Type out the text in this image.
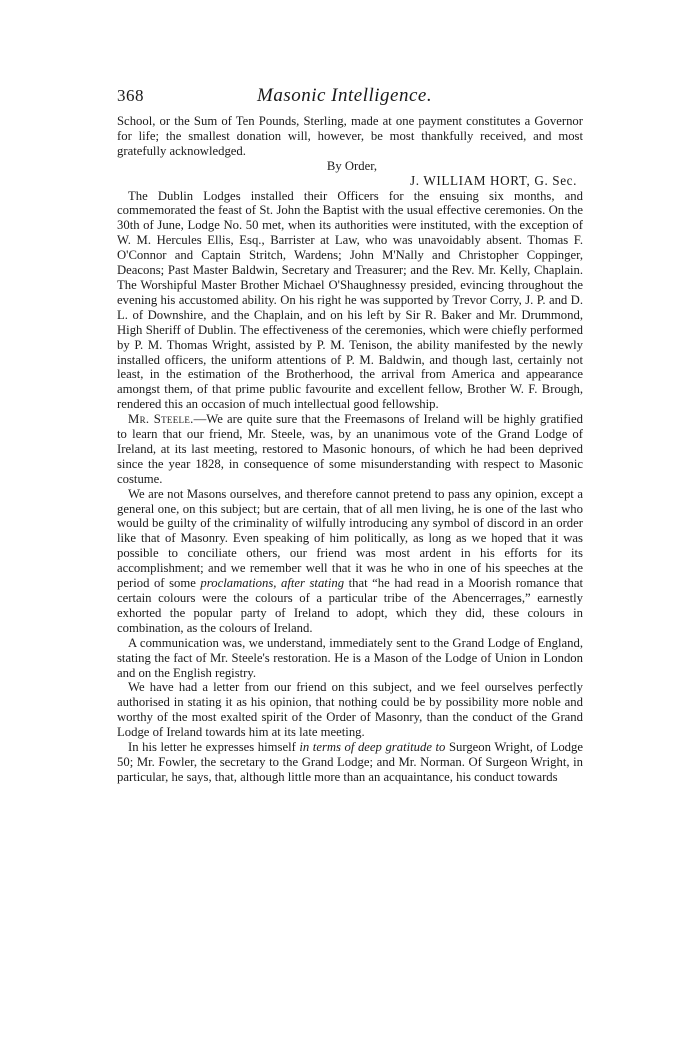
368	Masonic Intelligence.

School, or the Sum of Ten Pounds, Sterling, made at one payment constitutes a Governor for life; the smallest donation will, however, be most thankfully received, and most gratefully acknowledged.

By Order,

J. WILLIAM HORT, G. Sec.

The Dublin Lodges installed their Officers for the ensuing six months, and commemorated the feast of St. John the Baptist with the usual effective ceremonies. On the 30th of June, Lodge No. 50 met, when its authorities were instituted, with the exception of W. M. Hercules Ellis, Esq., Barrister at Law, who was unavoidably absent. Thomas F. O'Connor and Captain Stritch, Wardens; John M'Nally and Christopher Coppinger, Deacons; Past Master Baldwin, Secretary and Treasurer; and the Rev. Mr. Kelly, Chaplain. The Worshipful Master Brother Michael O'Shaughnessy presided, evincing throughout the evening his accustomed ability. On his right he was supported by Trevor Corry, J. P. and D. L. of Downshire, and the Chaplain, and on his left by Sir R. Baker and Mr. Drummond, High Sheriff of Dublin. The effectiveness of the ceremonies, which were chiefly performed by P. M. Thomas Wright, assisted by P. M. Tenison, the ability manifested by the newly installed officers, the uniform attentions of P. M. Baldwin, and though last, certainly not least, in the estimation of the Brotherhood, the arrival from America and appearance amongst them, of that prime public favourite and excellent fellow, Brother W. F. Brough, rendered this an occasion of much intellectual good fellowship.

Mr. Steele.—We are quite sure that the Freemasons of Ireland will be highly gratified to learn that our friend, Mr. Steele, was, by an unanimous vote of the Grand Lodge of Ireland, at its last meeting, restored to Masonic honours, of which he had been deprived since the year 1828, in consequence of some misunderstanding with respect to Masonic costume.

We are not Masons ourselves, and therefore cannot pretend to pass any opinion, except a general one, on this subject; but are certain, that of all men living, he is one of the last who would be guilty of the criminality of wilfully introducing any symbol of discord in an order like that of Masonry. Even speaking of him politically, as long as we hoped that it was possible to conciliate others, our friend was most ardent in his efforts for its accomplishment; and we remember well that it was he who in one of his speeches at the period of some proclamations, after stating that “he had read in a Moorish romance that certain colours were the colours of a particular tribe of the Abencerrages,” earnestly exhorted the popular party of Ireland to adopt, which they did, these colours in combination, as the colours of Ireland.

A communication was, we understand, immediately sent to the Grand Lodge of England, stating the fact of Mr. Steele's restoration. He is a Mason of the Lodge of Union in London and on the English registry.

We have had a letter from our friend on this subject, and we feel ourselves perfectly authorised in stating it as his opinion, that nothing could be by possibility more noble and worthy of the most exalted spirit of the Order of Masonry, than the conduct of the Grand Lodge of Ireland towards him at its late meeting.

In his letter he expresses himself in terms of deep gratitude to Surgeon Wright, of Lodge 50; Mr. Fowler, the secretary to the Grand Lodge; and Mr. Norman. Of Surgeon Wright, in particular, he says, that, although little more than an acquaintance, his conduct towards
